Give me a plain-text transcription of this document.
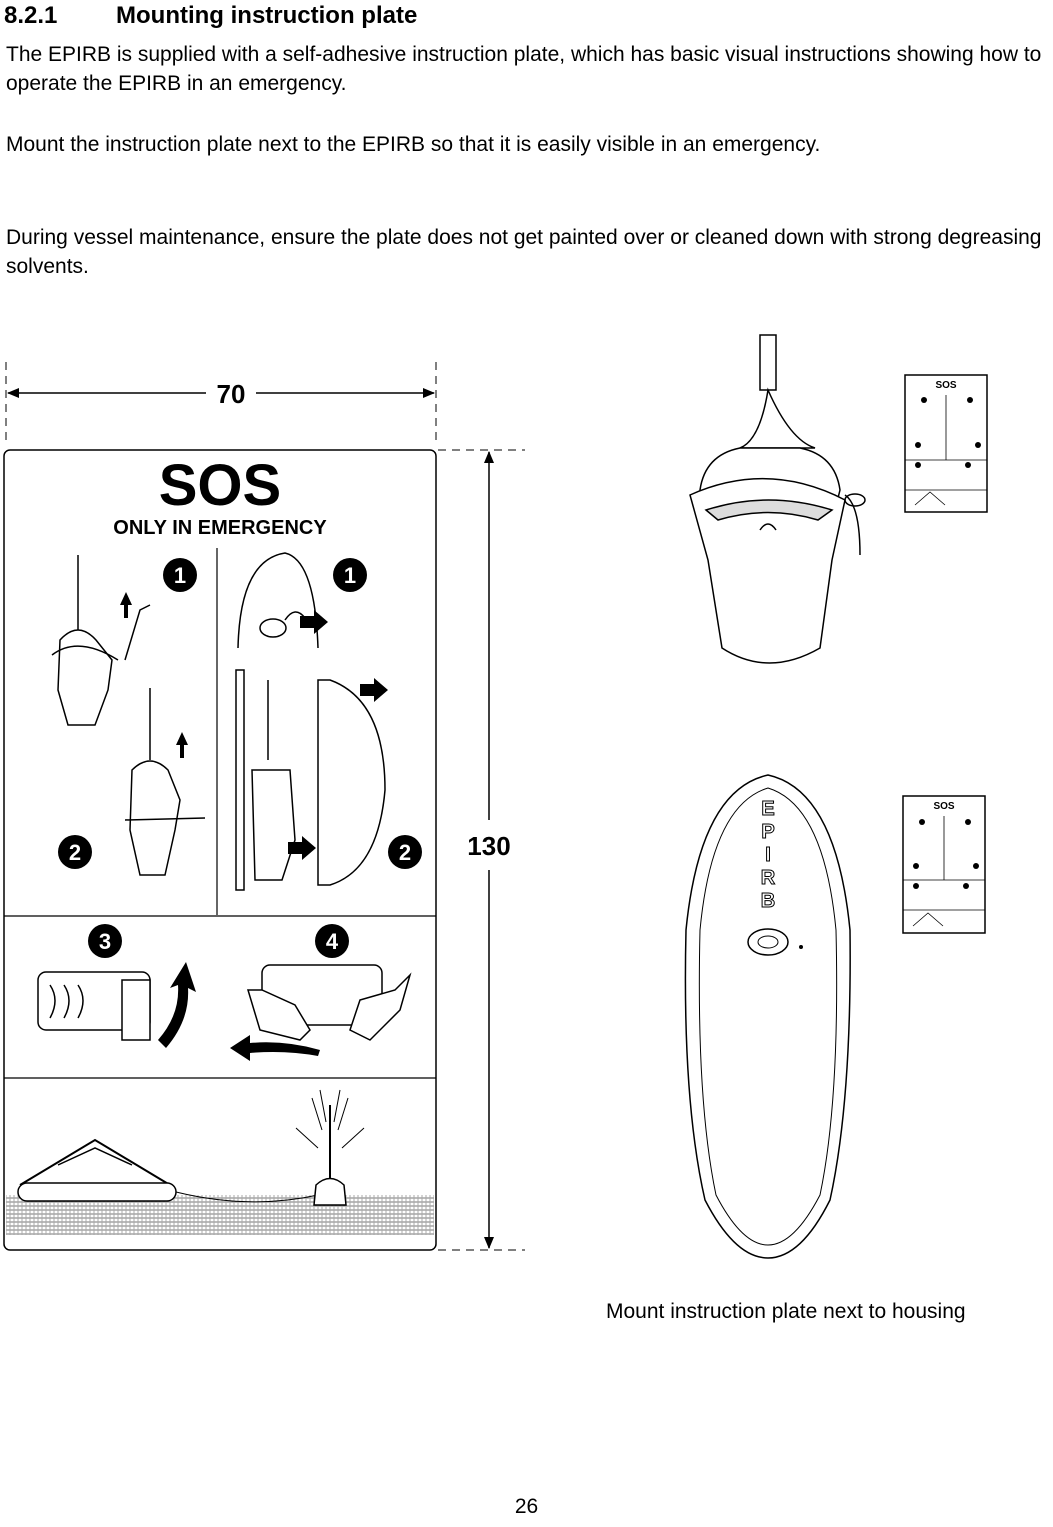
8.2.1 Mounting instruction plate
The EPIRB is supplied with a self-adhesive instruction plate, which has basic visual instructions showing how to operate the EPIRB in an emergency.
Mount the instruction plate next to the EPIRB so that it is easily visible in an emergency.
During vessel maintenance, ensure the plate does not get painted over or cleaned down with strong degreasing solvents.
70
130
SOS
ONLY IN EMERGENCY
1	1
2	2
3	4
SOS
SOS
E
P
I
R
B
Mount instruction plate next to housing
26
